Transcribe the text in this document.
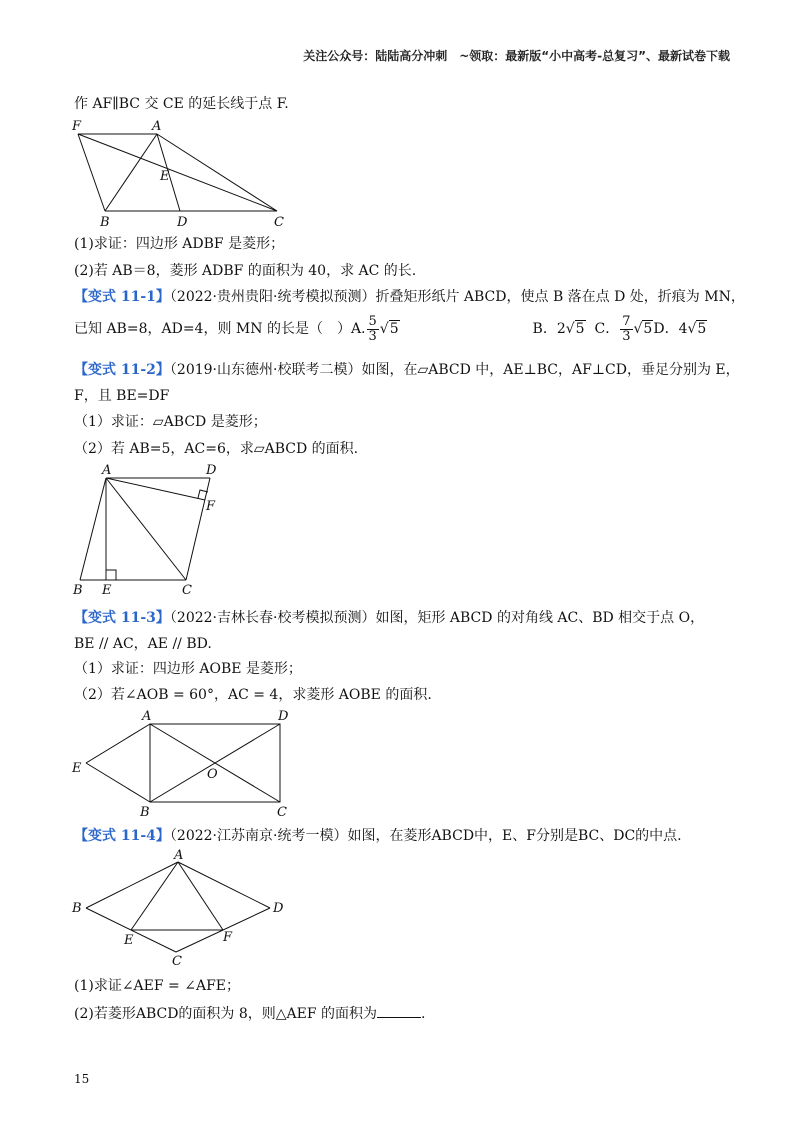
关注公众号：陆陆高分冲刺　~领取：最新版“小中高考-总复习”、最新试卷下载
作 AF∥BC 交 CE 的延长线于点 F.
F	A
E
B	D	C
(1)求证：四边形 ADBF 是菱形；
(2)若 AB＝8，菱形 ADBF 的面积为 40，求 AC 的长.
【变式 11-1】（2022·贵州贵阳·统考模拟预测）折叠矩形纸片 ABCD，使点 B 落在点 D 处，折痕为 MN，
已知 AB=8，AD=4，则 MN 的长是（　）A. $\frac{5}{3} √5$	B．2√5 C． $\frac{7}{3} √5D$．4√5
【变式 11-2】（2019·山东德州·校联考二模）如图，在▱ABCD 中，AE⊥BC，AF⊥CD，垂足分别为 E，
F，且 BE=DF
（1）求证：▱ABCD 是菱形；
（2）若 AB=5，AC=6，求▱ABCD 的面积.
A	D
F
B E	C
【变式 11-3】（2022·吉林长春·校考模拟预测）如图，矩形 ABCD 的对角线 AC、BD 相交于点 O，
BE // AC，AE // BD.
（1）求证：四边形 AOBE 是菱形；
（2）若∠AOB = 60°，AC = 4，求菱形 AOBE 的面积.
A	D
E	O
B	C
【变式 11-4】（2022·江苏南京·统考一模）如图，在菱形ABCD中，E、F分别是BC、DC的中点.
A
B	D
E	F
C
(1)求证∠AEF = ∠AFE；
(2)若菱形ABCD的面积为 8，则△AEF 的面积为	.
15
